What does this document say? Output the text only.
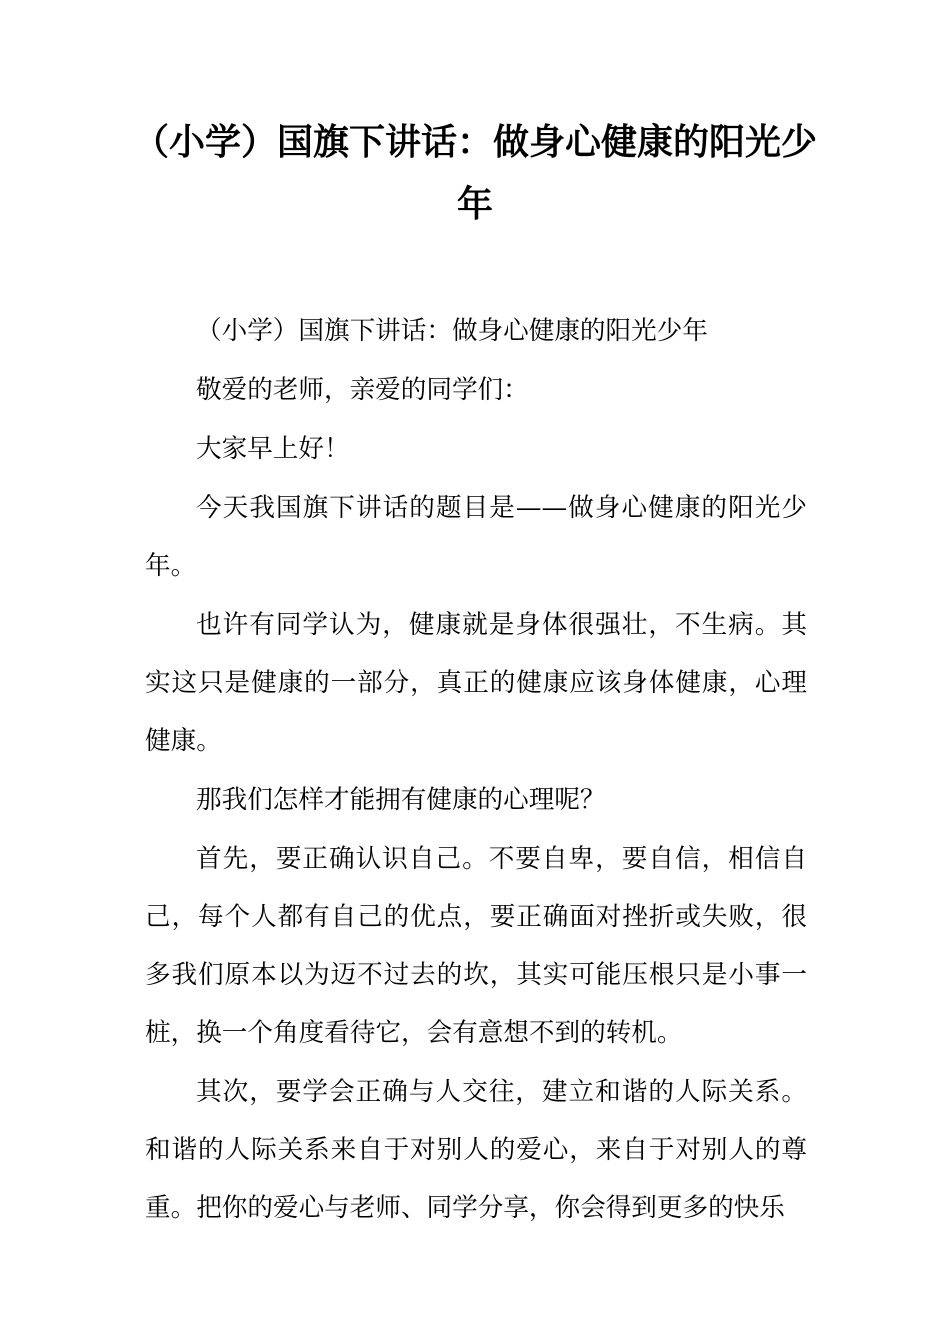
（小学）国旗下讲话：做身心健康的阳光少年

（小学）国旗下讲话：做身心健康的阳光少年

敬爱的老师，亲爱的同学们：

大家早上好！

今天我国旗下讲话的题目是——做身心健康的阳光少年。

也许有同学认为，健康就是身体很强壮，不生病。其实这只是健康的一部分，真正的健康应该身体健康，心理健康。

那我们怎样才能拥有健康的心理呢？

首先，要正确认识自己。不要自卑，要自信，相信自己，每个人都有自己的优点，要正确面对挫折或失败，很多我们原本以为迈不过去的坎，其实可能压根只是小事一桩，换一个角度看待它，会有意想不到的转机。

其次，要学会正确与人交往，建立和谐的人际关系。和谐的人际关系来自于对别人的爱心，来自于对别人的尊重。把你的爱心与老师、同学分享，你会得到更多的快乐
